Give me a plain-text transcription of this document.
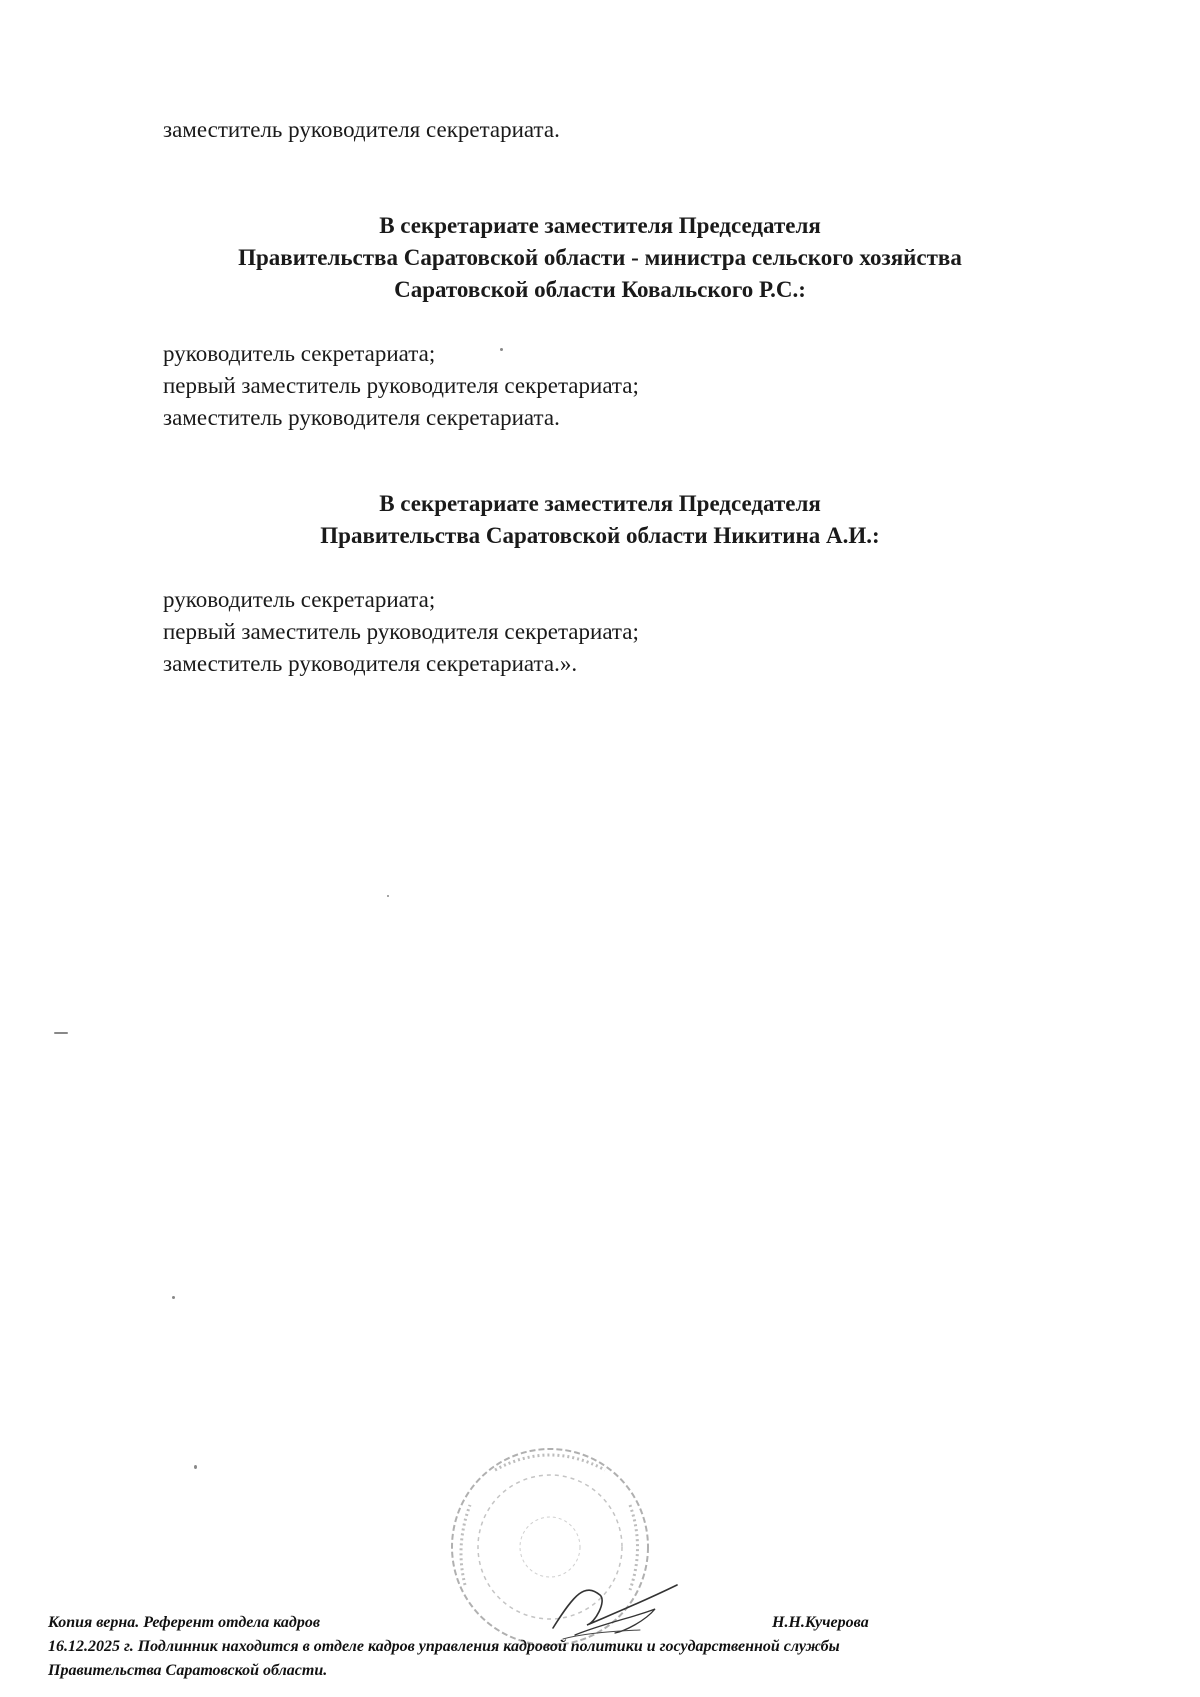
заместитель руководителя секретариата.
В секретариате заместителя Председателя
Правительства Саратовской области - министра сельского хозяйства
Саратовской области Ковальского Р.С.:
руководитель секретариата;
первый заместитель руководителя секретариата;
заместитель руководителя секретариата.
В секретариате заместителя Председателя
Правительства Саратовской области Никитина А.И.:
руководитель секретариата;
первый заместитель руководителя секретариата;
заместитель руководителя секретариата.».
Копия верна. Референт отдела кадров	Н.Н.Кучерова
16.12.2025 г. Подлинник находится в отделе кадров управления кадровой политики и государственной службы
Правительства Саратовской области.
